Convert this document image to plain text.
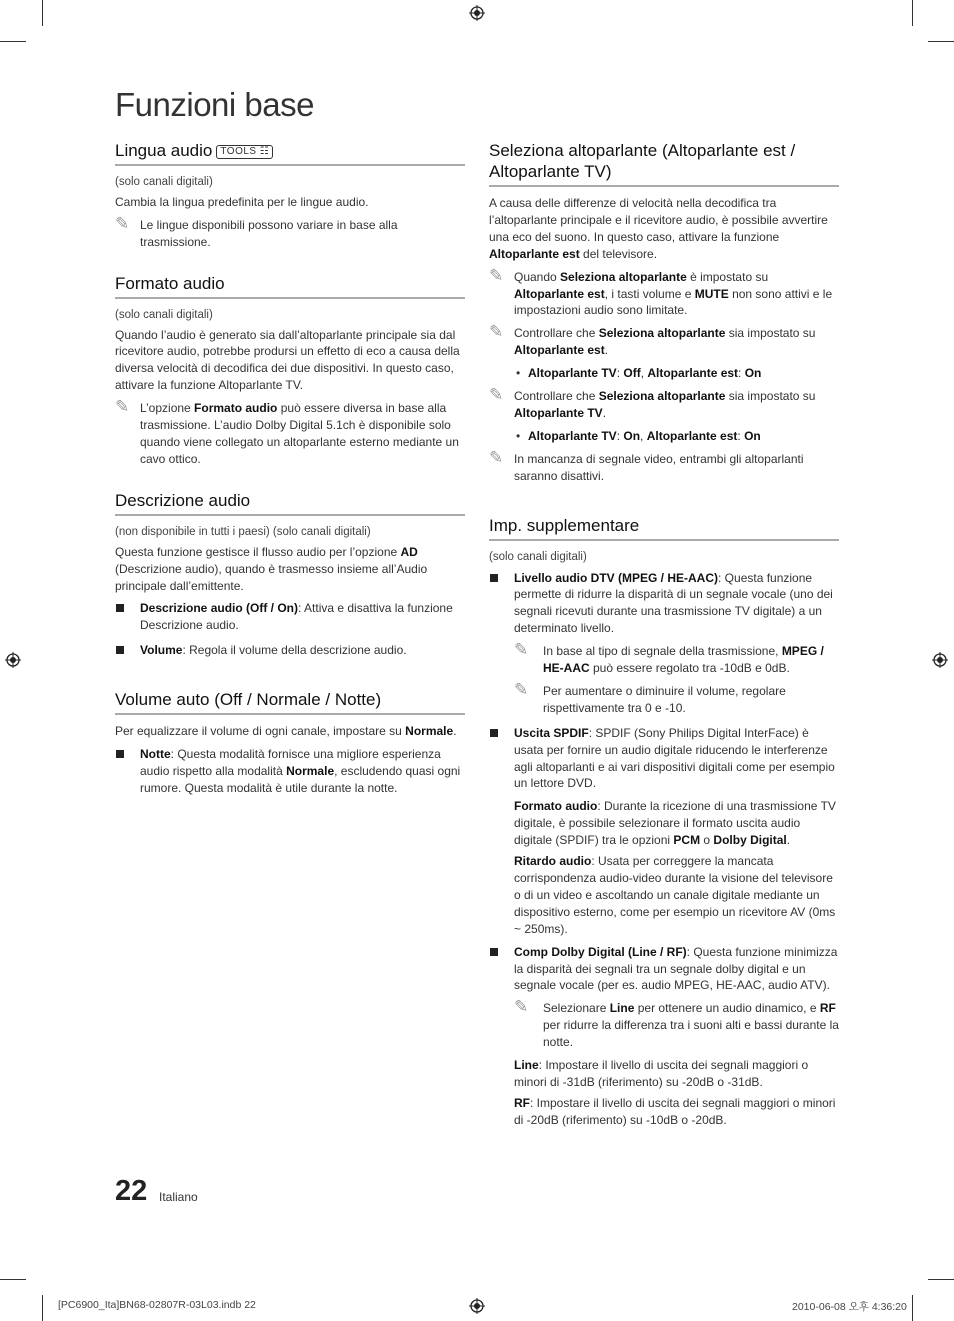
Funzioni base
Lingua audio TOOLS ☷

(solo canali digitali)

Cambia la lingua predefinita per le lingue audio.

✎ Le lingue disponibili possono variare in base alla trasmissione.

Formato audio

(solo canali digitali)

Quando l’audio è generato sia dall’altoparlante principale sia dal ricevitore audio, potrebbe prodursi un effetto di eco a causa della diversa velocità di decodifica dei due dispositivi. In questo caso, attivare la funzione Altoparlante TV.

✎ L’opzione Formato audio può essere diversa in base alla trasmissione. L’audio Dolby Digital 5.1ch è disponibile solo quando viene collegato un altoparlante esterno mediante un cavo ottico.

Descrizione audio

(non disponibile in tutti i paesi) (solo canali digitali)

Questa funzione gestisce il flusso audio per l’opzione AD (Descrizione audio), quando è trasmesso insieme all’Audio principale dall’emittente.

Descrizione audio (Off / On): Attiva e disattiva la funzione Descrizione audio.

Volume: Regola il volume della descrizione audio.

Volume auto (Off / Normale / Notte)

Per equalizzare il volume di ogni canale, impostare su Normale.

Notte: Questa modalità fornisce una migliore esperienza audio rispetto alla modalità Normale, escludendo quasi ogni rumore. Questa modalità è utile durante la notte.

Seleziona altoparlante (Altoparlante est / Altoparlante TV)

A causa delle differenze di velocità nella decodifica tra l’altoparlante principale e il ricevitore audio, è possibile avvertire una eco del suono. In questo caso, attivare la funzione Altoparlante est del televisore.

✎ Quando Seleziona altoparlante è impostato su Altoparlante est, i tasti volume e MUTE non sono attivi e le impostazioni audio sono limitate.

✎ Controllare che Seleziona altoparlante sia impostato su Altoparlante est.

• Altoparlante TV: Off, Altoparlante est: On

✎ Controllare che Seleziona altoparlante sia impostato su Altoparlante TV.

• Altoparlante TV: On, Altoparlante est: On

✎ In mancanza di segnale video, entrambi gli altoparlanti saranno disattivi.

Imp. supplementare

(solo canali digitali)

Livello audio DTV (MPEG / HE-AAC): Questa funzione permette di ridurre la disparità di un segnale vocale (uno dei segnali ricevuti durante una trasmissione TV digitale) a un determinato livello.

✎ In base al tipo di segnale della trasmissione, MPEG / HE-AAC può essere regolato tra -10dB e 0dB.

✎ Per aumentare o diminuire il volume, regolare rispettivamente tra 0 e -10.

Uscita SPDIF: SPDIF (Sony Philips Digital InterFace) è usata per fornire un audio digitale riducendo le interferenze agli altoparlanti e ai vari dispositivi digitali come per esempio un lettore DVD.

Formato audio: Durante la ricezione di una trasmissione TV digitale, è possibile selezionare il formato uscita audio digitale (SPDIF) tra le opzioni PCM o Dolby Digital.

Ritardo audio: Usata per correggere la mancata corrispondenza audio-video durante la visione del televisore o di un video e ascoltando un canale digitale mediante un dispositivo esterno, come per esempio un ricevitore AV (0ms ~ 250ms).

Comp Dolby Digital (Line / RF): Questa funzione minimizza la disparità dei segnali tra un segnale dolby digital e un segnale vocale (per es. audio MPEG, HE-AAC, audio ATV).

✎ Selezionare Line per ottenere un audio dinamico, e RF per ridurre la differenza tra i suoni alti e bassi durante la notte.

Line: Impostare il livello di uscita dei segnali maggiori o minori di -31dB (riferimento) su -20dB o -31dB.

RF: Impostare il livello di uscita dei segnali maggiori o minori di -20dB (riferimento) su -10dB o -20dB.

22 Italiano
[PC6900_Ita]BN68-02807R-03L03.indb 22	2010-06-08 오후 4:36:20
